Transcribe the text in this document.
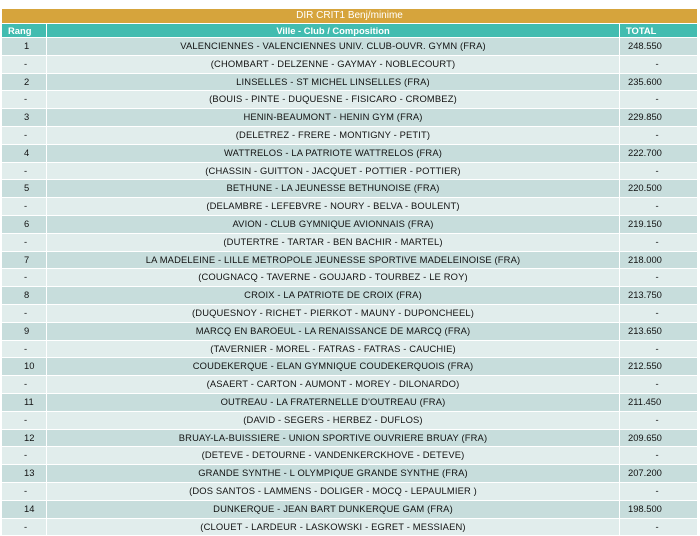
DIR CRIT1 Benj/minime		
Rang	Ville - Club / Composition	TOTAL
1	VALENCIENNES - VALENCIENNES UNIV. CLUB-OUVR. GYMN (FRA)	248.550
-	(CHOMBART - DELZENNE - GAYMAY - NOBLECOURT)	-
2	LINSELLES - ST MICHEL LINSELLES (FRA)	235.600
-	(BOUIS - PINTE - DUQUESNE - FISICARO - CROMBEZ)	-
3	HENIN-BEAUMONT - HENIN GYM (FRA)	229.850
-	(DELETREZ - FRERE - MONTIGNY - PETIT)	-
4	WATTRELOS - LA PATRIOTE WATTRELOS (FRA)	222.700
-	(CHASSIN - GUITTON - JACQUET - POTTIER - POTTIER)	-
5	BETHUNE - LA JEUNESSE BETHUNOISE (FRA)	220.500
-	(DELAMBRE - LEFEBVRE - NOURY - BELVA - BOULENT)	-
6	AVION - CLUB GYMNIQUE AVIONNAIS (FRA)	219.150
-	(DUTERTRE - TARTAR - BEN BACHIR - MARTEL)	-
7	LA MADELEINE - LILLE METROPOLE JEUNESSE SPORTIVE MADELEINOISE (FRA)	218.000
-	(COUGNACQ - TAVERNE - GOUJARD - TOURBEZ - LE ROY)	-
8	CROIX - LA PATRIOTE DE CROIX (FRA)	213.750
-	(DUQUESNOY - RICHET - PIERKOT - MAUNY - DUPONCHEEL)	-
9	MARCQ EN BAROEUL - LA RENAISSANCE DE MARCQ (FRA)	213.650
-	(TAVERNIER - MOREL - FATRAS - FATRAS - CAUCHIE)	-
10	COUDEKERQUE - ELAN GYMNIQUE COUDEKERQUOIS (FRA)	212.550
-	(ASAERT - CARTON - AUMONT - MOREY - DILONARDO)	-
11	OUTREAU - LA FRATERNELLE D'OUTREAU (FRA)	211.450
-	(DAVID - SEGERS - HERBEZ - DUFLOS)	-
12	BRUAY-LA-BUISSIERE - UNION SPORTIVE OUVRIERE BRUAY (FRA)	209.650
-	(DETEVE - DETOURNE - VANDENKERCKHOVE - DETEVE)	-
13	GRANDE SYNTHE - L OLYMPIQUE GRANDE SYNTHE (FRA)	207.200
-	(DOS SANTOS - LAMMENS - DOLIGER - MOCQ - LEPAULMIER )	-
14	DUNKERQUE - JEAN BART DUNKERQUE GAM (FRA)	198.500
-	(CLOUET - LARDEUR - LASKOWSKI - EGRET - MESSIAEN)	-
